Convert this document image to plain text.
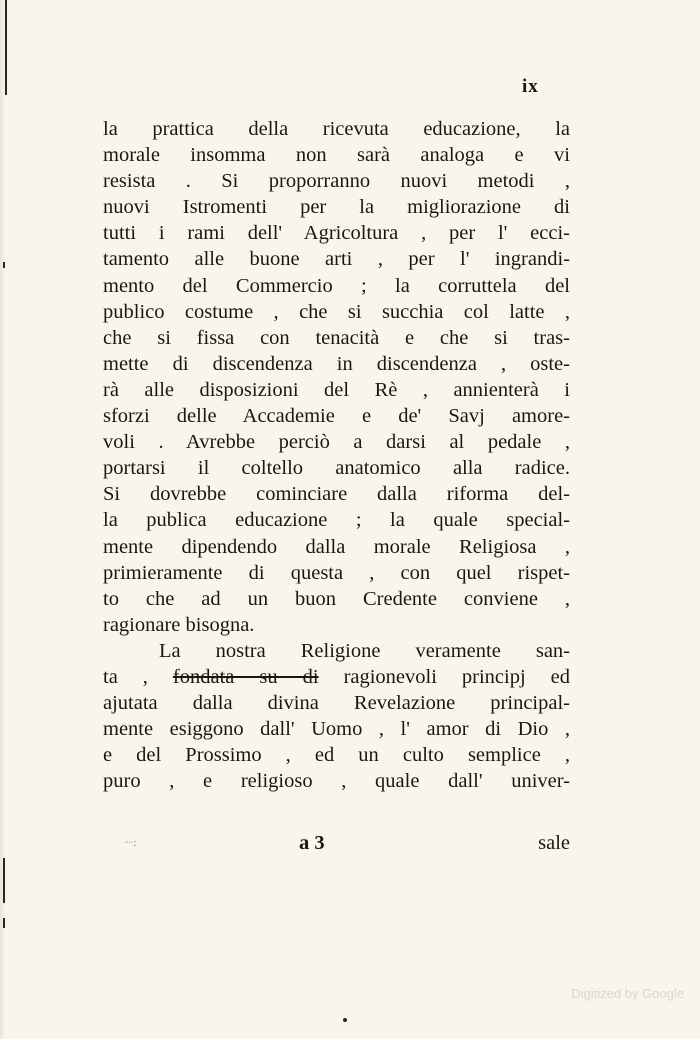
ix
la prattica della ricevuta educazione, la
morale insomma non sarà analoga e vi
resista . Si proporranno nuovi metodi ,
nuovi Istromenti per la migliorazione di
tutti i rami dell' Agricoltura , per l' ecci-
tamento alle buone arti , per l' ingrandi-
mento del Commercio ; la corruttela del
publico costume , che si succhia col latte ,
che si fissa con tenacità e che si tras-
mette di discendenza in discendenza , oste-
rà alle disposizioni del Rè , annienterà i
sforzi delle Accademie e de' Savj amore-
voli . Avrebbe perciò a darsi al pedale ,
portarsi il coltello anatomico alla radice.
Si dovrebbe cominciare dalla riforma del-
la publica educazione ; la quale special-
mente dipendendo dalla morale Religiosa ,
primieramente di questa , con quel rispet-
to che ad un buon Credente conviene ,
ragionare bisogna.
La nostra Religione veramente san-
ta , fondata su di ragionevoli principj ed
ajutata dalla divina Revelazione principal-
mente esiggono dall' Uomo , l' amor di Dio ,
e del Prossimo , ed un culto semplice ,
puro , e religioso , quale dall' univer-
ᵕᵕ:	a 3	sale
Digitized by Google
